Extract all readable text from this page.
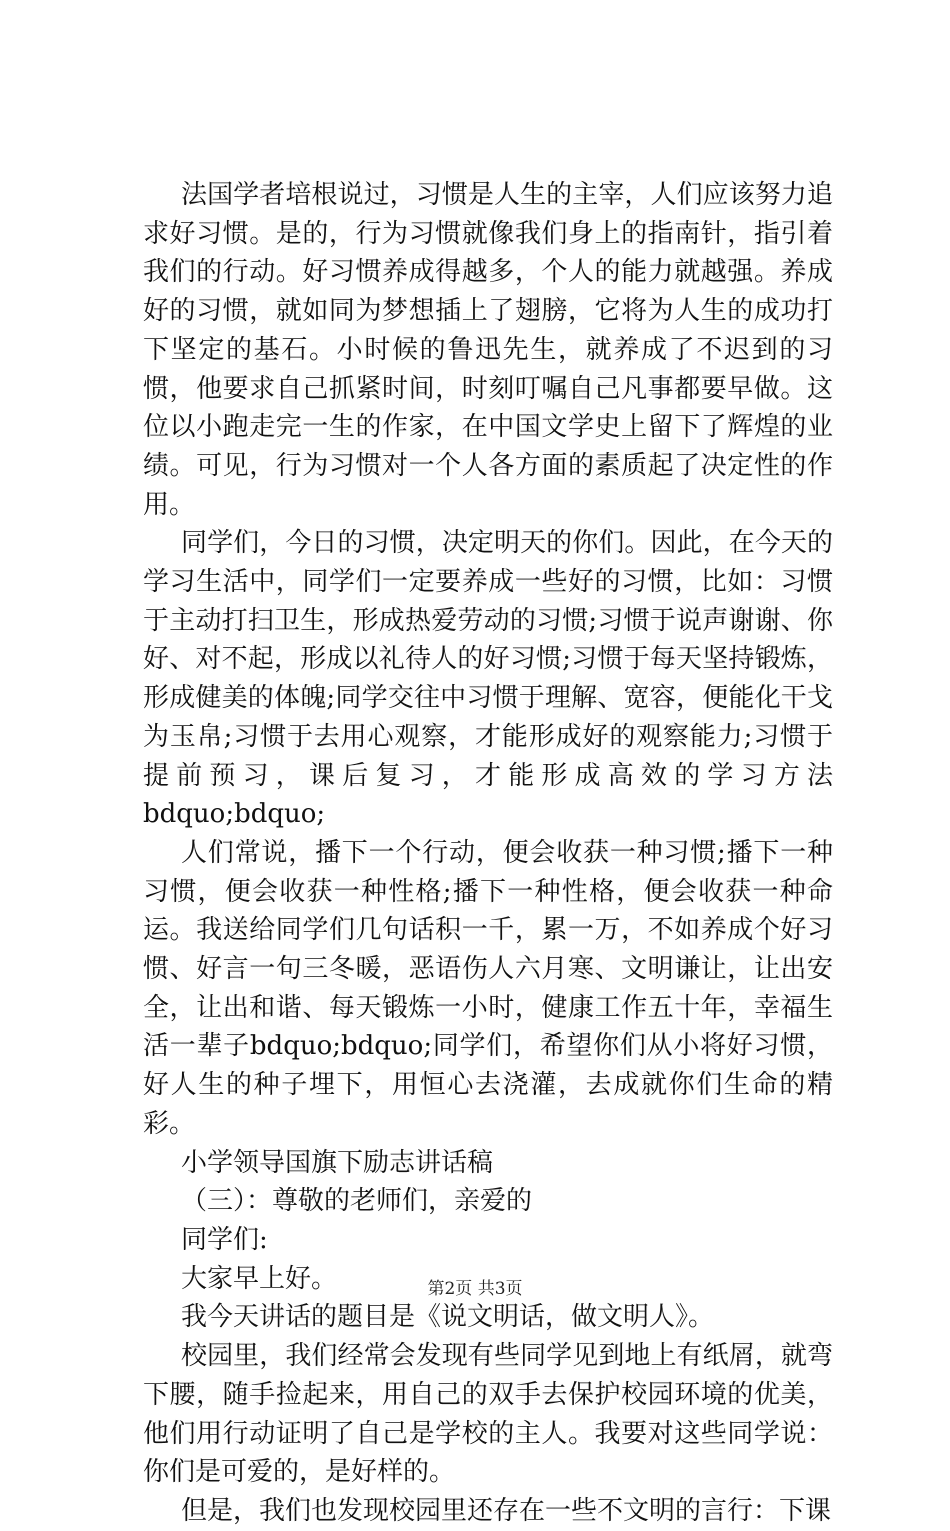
法国学者培根说过，习惯是人生的主宰，人们应该努力追求好习惯。是的，行为习惯就像我们身上的指南针，指引着我们的行动。好习惯养成得越多，个人的能力就越强。养成好的习惯，就如同为梦想插上了翅膀，它将为人生的成功打下坚定的基石。小时候的鲁迅先生，就养成了不迟到的习惯，他要求自己抓紧时间，时刻叮嘱自己凡事都要早做。这位以小跑走完一生的作家，在中国文学史上留下了辉煌的业绩。可见，行为习惯对一个人各方面的素质起了决定性的作用。

同学们，今日的习惯，决定明天的你们。因此，在今天的学习生活中，同学们一定要养成一些好的习惯，比如：习惯于主动打扫卫生，形成热爱劳动的习惯;习惯于说声谢谢、你好、对不起，形成以礼待人的好习惯;习惯于每天坚持锻炼，形成健美的体魄;同学交往中习惯于理解、宽容，便能化干戈为玉帛;习惯于去用心观察，才能形成好的观察能力;习惯于提前预习，课后复习，才能形成高效的学习方法bdquo;bdquo;

人们常说，播下一个行动，便会收获一种习惯;播下一种习惯，便会收获一种性格;播下一种性格，便会收获一种命运。我送给同学们几句话积一千，累一万，不如养成个好习惯、好言一句三冬暖，恶语伤人六月寒、文明谦让，让出安全，让出和谐、每天锻炼一小时，健康工作五十年，幸福生活一辈子bdquo;bdquo;同学们，希望你们从小将好习惯，好人生的种子埋下，用恒心去浇灌，去成就你们生命的精彩。

小学领导国旗下励志讲话稿

（三）：尊敬的老师们，亲爱的

同学们:

大家早上好。

我今天讲话的题目是《说文明话，做文明人》。

校园里，我们经常会发现有些同学见到地上有纸屑，就弯下腰，随手捡起来，用自己的双手去保护校园环境的优美，他们用行动证明了自己是学校的主人。我要对这些同学说：你们是可爱的，是好样的。

但是，我们也发现校园里还存在一些不文明的言行：下课

第2页 共3页
